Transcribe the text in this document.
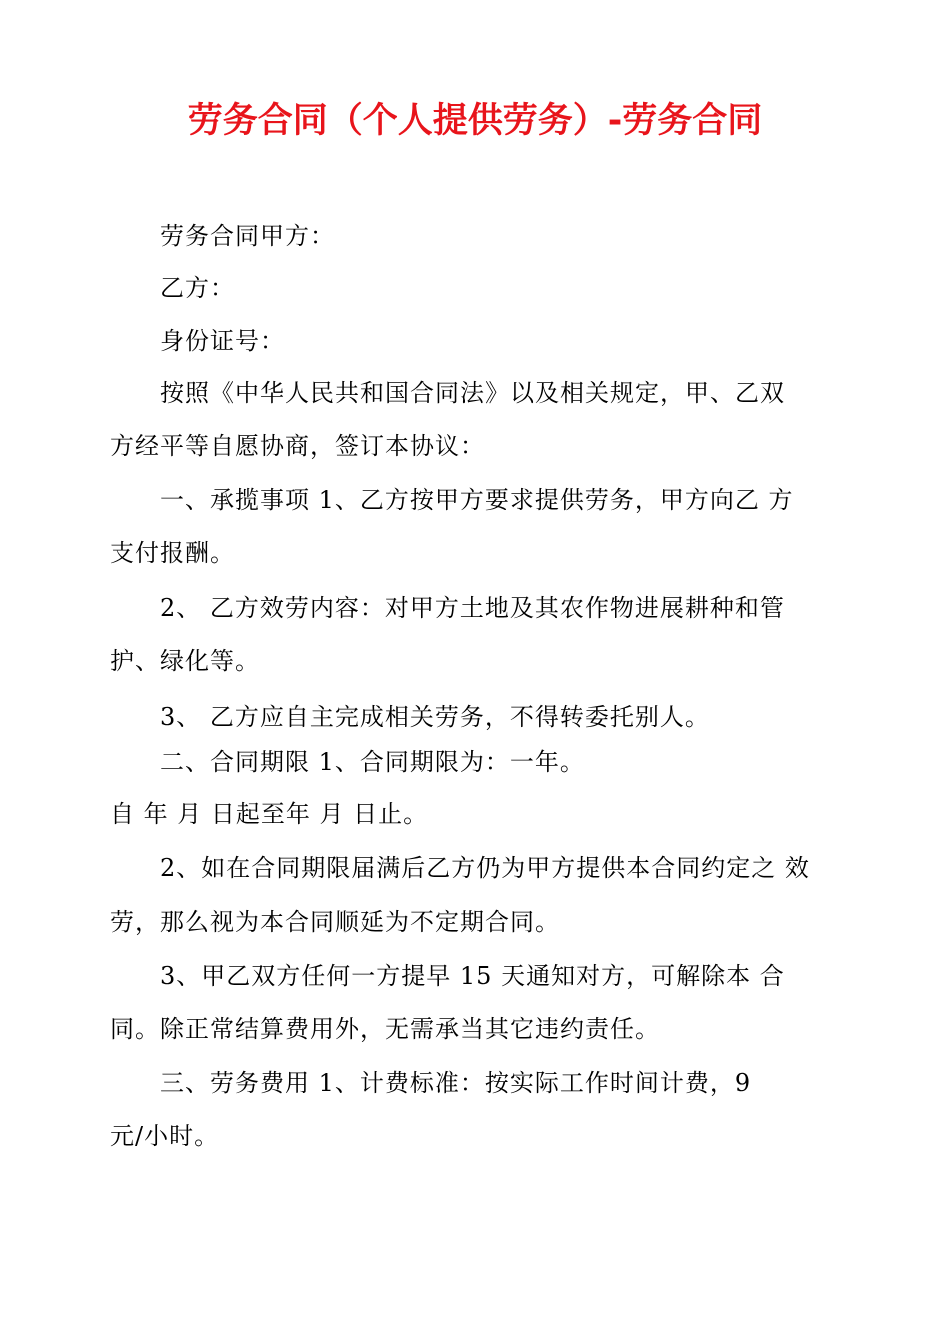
劳务合同（个人提供劳务）-劳务合同
劳务合同甲方：
乙方：
身份证号：
按照《中华人民共和国合同法》以及相关规定，甲、乙双
方经平等自愿协商，签订本协议：
一、承揽事项 1、乙方按甲方要求提供劳务，甲方向乙 方
支付报酬。
2、 乙方效劳内容：对甲方土地及其农作物进展耕种和管
护、绿化等。
3、 乙方应自主完成相关劳务，不得转委托别人。
二、合同期限 1、合同期限为：一年。
自 年 月 日起至年 月 日止。
2、如在合同期限届满后乙方仍为甲方提供本合同约定之 效
劳，那么视为本合同顺延为不定期合同。
3、甲乙双方任何一方提早 15 天通知对方，可解除本 合
同。除正常结算费用外，无需承当其它违约责任。
三、劳务费用 1、计费标准：按实际工作时间计费，9
元/小时。
